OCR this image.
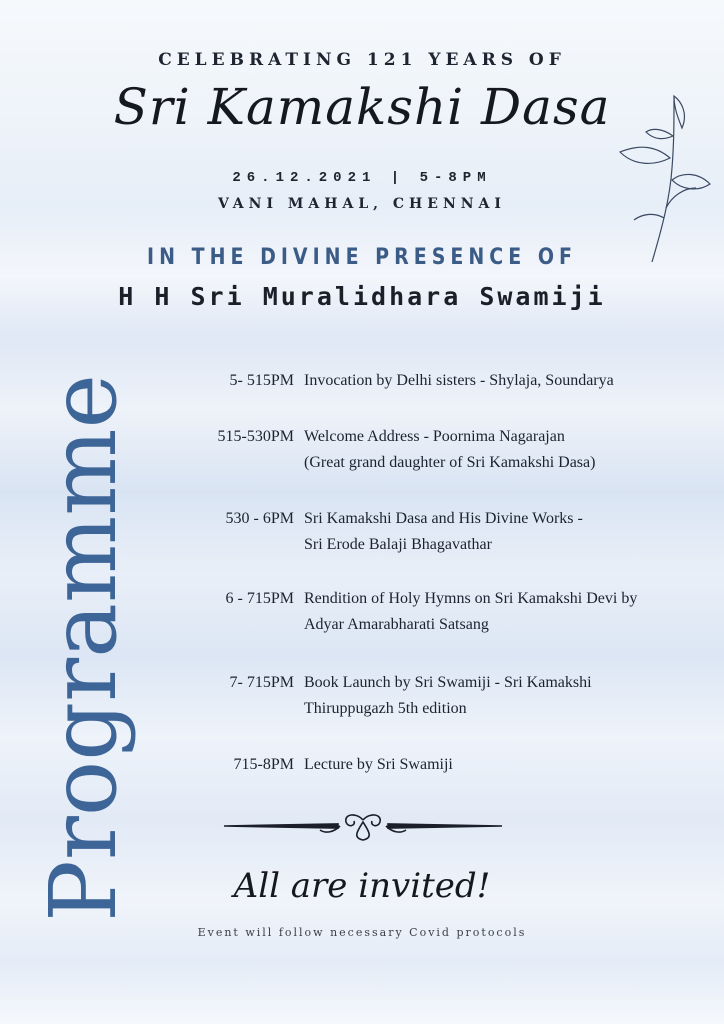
CELEBRATING 121 YEARS OF
Sri Kamakshi Dasa
26.12.2021 | 5-8PM
VANI MAHAL, CHENNAI
IN THE DIVINE PRESENCE OF
H H Sri Muralidhara Swamiji
Programme	5- 515PM Invocation by Delhi sisters - Shylaja, Soundarya
515-530PM Welcome Address - Poornima Nagarajan
(Great grand daughter of Sri Kamakshi Dasa)
530 - 6PM Sri Kamakshi Dasa and His Divine Works -
Sri Erode Balaji Bhagavathar
6 - 715PM Rendition of Holy Hymns on Sri Kamakshi Devi by
Adyar Amarabharati Satsang
7- 715PM Book Launch by Sri Swamiji - Sri Kamakshi
Thiruppugazh 5th edition
715-8PM Lecture by Sri Swamiji
All are invited!
Event will follow necessary Covid protocols
